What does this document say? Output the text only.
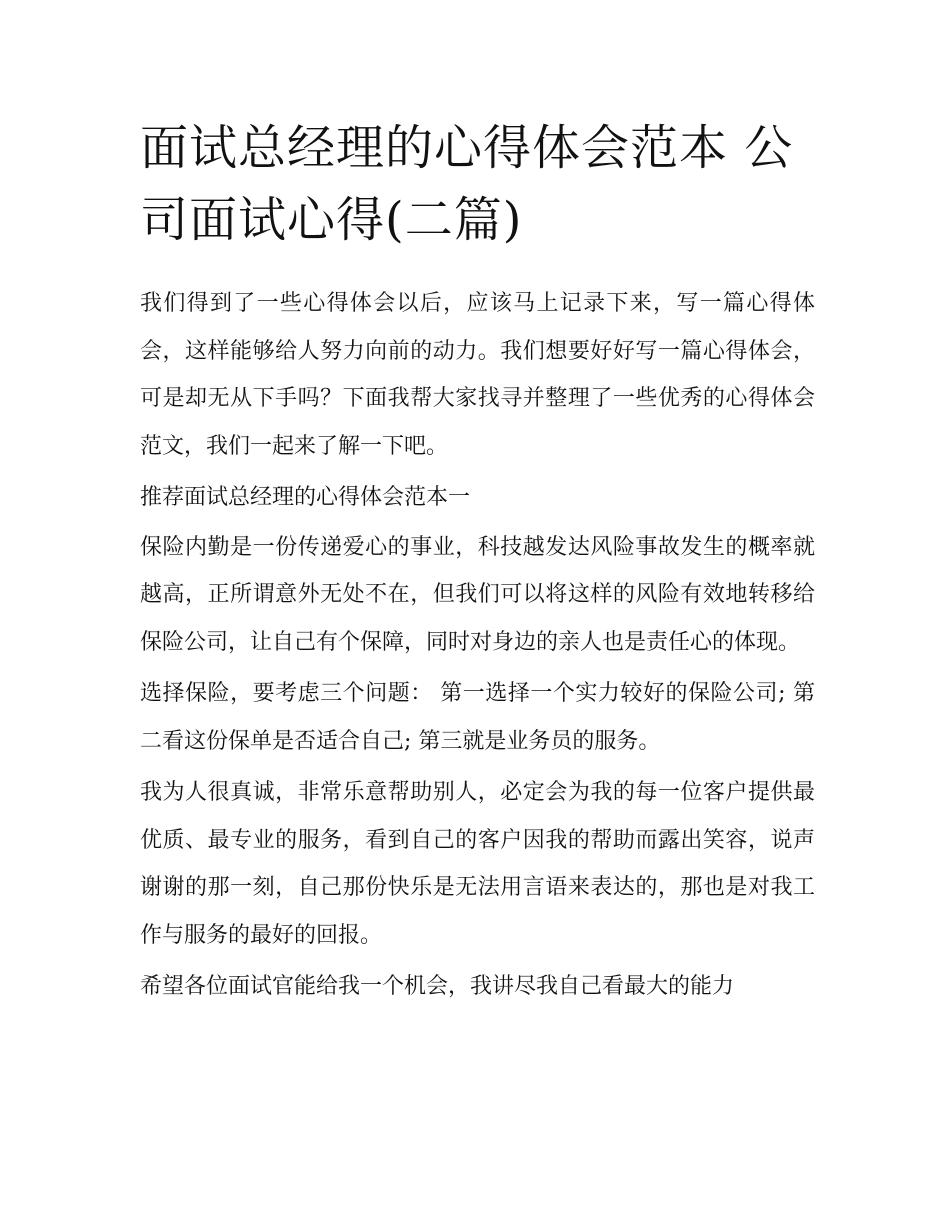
面试总经理的心得体会范本 公司面试心得(二篇)

我们得到了一些心得体会以后，应该马上记录下来，写一篇心得体会，这样能够给人努力向前的动力。我们想要好好写一篇心得体会，可是却无从下手吗？下面我帮大家找寻并整理了一些优秀的心得体会范文，我们一起来了解一下吧。

推荐面试总经理的心得体会范本一

保险内勤是一份传递爱心的事业，科技越发达风险事故发生的概率就越高，正所谓意外无处不在，但我们可以将这样的风险有效地转移给保险公司，让自己有个保障，同时对身边的亲人也是责任心的体现。

选择保险，要考虑三个问题： 第一选择一个实力较好的保险公司; 第二看这份保单是否适合自己; 第三就是业务员的服务。

我为人很真诚，非常乐意帮助别人，必定会为我的每一位客户提供最优质、最专业的服务，看到自己的客户因我的帮助而露出笑容，说声谢谢的那一刻，自己那份快乐是无法用言语来表达的，那也是对我工作与服务的最好的回报。

希望各位面试官能给我一个机会，我讲尽我自己看最大的能力
